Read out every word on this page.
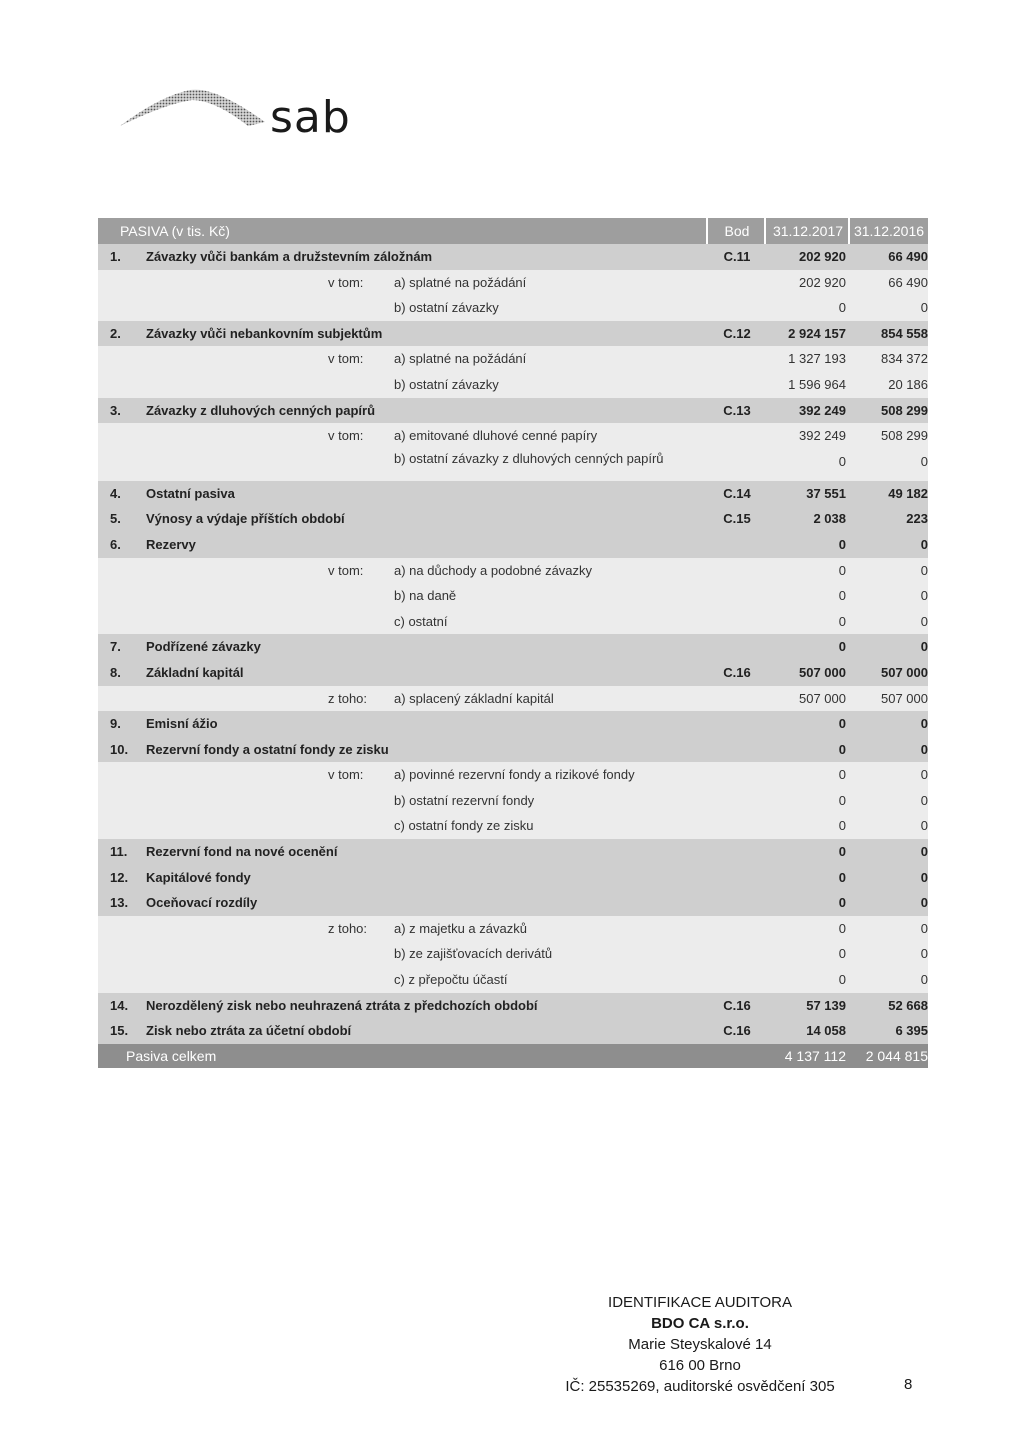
sab
PASIVA (v tis. Kč)	Bod	31.12.2017 31.12.2016
1. Závazky vůči bankám a družstevním záložnám	C.11	202 920	66 490
v tom: a) splatné na požádání	202 920	66 490
b) ostatní závazky	0	0
2. Závazky vůči nebankovním subjektům	C.12	2 924 157	854 558
v tom: a) splatné na požádání	1 327 193	834 372
b) ostatní závazky	1 596 964	20 186
3. Závazky z dluhových cenných papírů	C.13	392 249	508 299
v tom: a) emitované dluhové cenné papíry	392 249	508 299
b) ostatní závazky z dluhových cenných papírů	0	0
4. Ostatní pasiva	C.14	37 551	49 182
5. Výnosy a výdaje příštích období	C.15	2 038	223
6. Rezervy	0	0
v tom: a) na důchody a podobné závazky	0	0
b) na daně	0	0
c) ostatní	0	0
7. Podřízené závazky	0	0
8. Základní kapitál	C.16	507 000	507 000
z toho: a) splacený základní kapitál	507 000	507 000
9. Emisní ážio	0	0
10. Rezervní fondy a ostatní fondy ze zisku	0	0
v tom: a) povinné rezervní fondy a rizikové fondy	0	0
b) ostatní rezervní fondy	0	0
c) ostatní fondy ze zisku	0	0
11. Rezervní fond na nové ocenění	0	0
12. Kapitálové fondy	0	0
13. Oceňovací rozdíly	0	0
z toho: a) z majetku a závazků	0	0
b) ze zajišťovacích derivátů	0	0
c) z přepočtu účastí	0	0
14. Nerozdělený zisk nebo neuhrazená ztráta z předchozích období	C.16	57 139	52 668
15. Zisk nebo ztráta za účetní období	C.16	14 058	6 395
Pasiva celkem	4 137 112	2 044 815
IDENTIFIKACE AUDITORA
BDO CA s.r.o.
Marie Steyskalové 14
616 00 Brno
IČ: 25535269, auditorské osvědčení 305	8
